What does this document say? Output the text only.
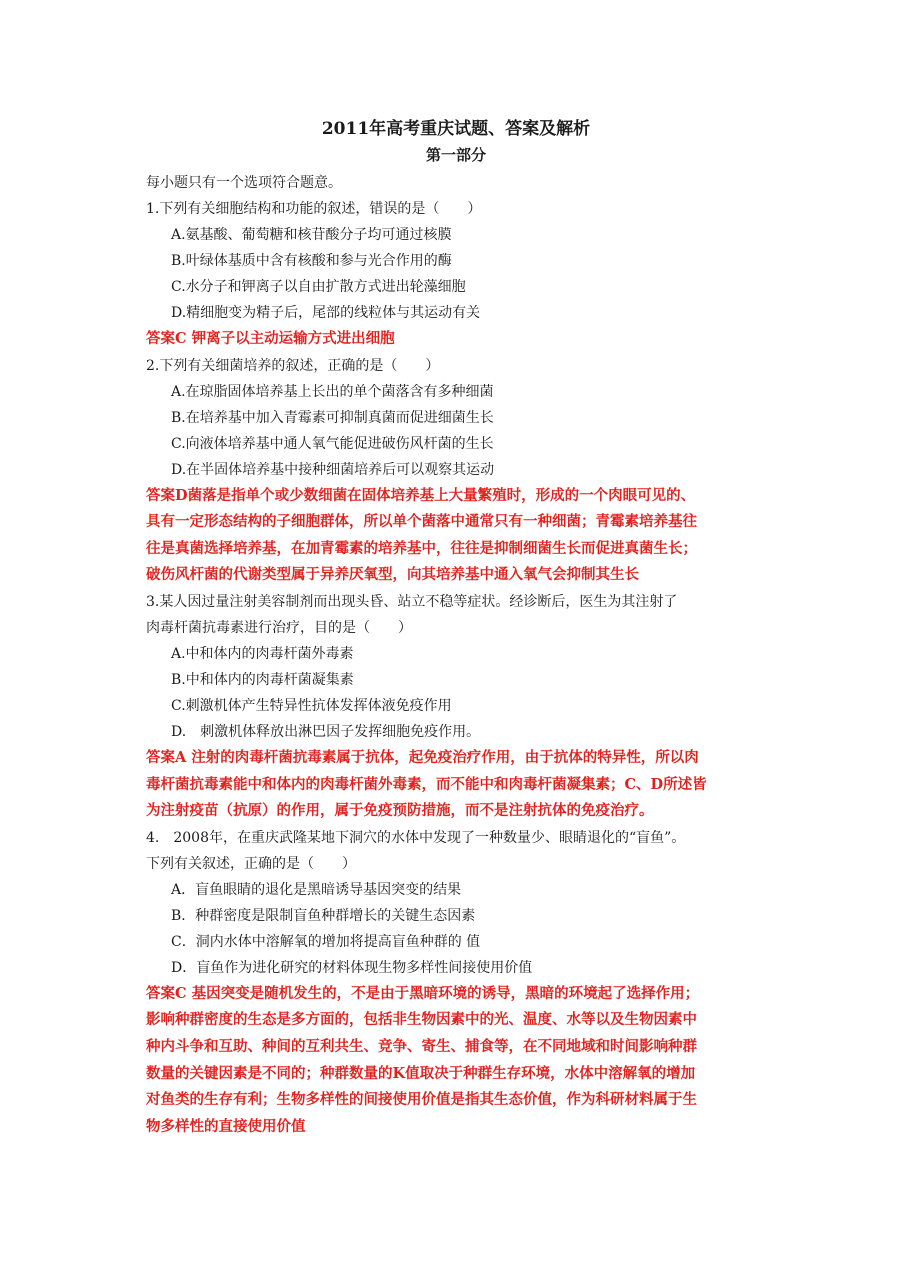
2011年高考重庆试题、答案及解析

第一部分

每小题只有一个选项符合题意。

1.下列有关细胞结构和功能的叙述，错误的是（　　）

A.氨基酸、葡萄糖和核苷酸分子均可通过核膜

B.叶绿体基质中含有核酸和参与光合作用的酶

C.水分子和钾离子以自由扩散方式进出轮藻细胞

D.精细胞变为精子后，尾部的线粒体与其运动有关

答案C 钾离子以主动运输方式进出细胞

2.下列有关细菌培养的叙述，正确的是（　　）

A.在琼脂固体培养基上长出的单个菌落含有多种细菌

B.在培养基中加入青霉素可抑制真菌而促进细菌生长

C.向液体培养基中通人氧气能促进破伤风杆菌的生长

D.在半固体培养基中接种细菌培养后可以观察其运动

答案D菌落是指单个或少数细菌在固体培养基上大量繁殖时，形成的一个肉眼可见的、

具有一定形态结构的子细胞群体，所以单个菌落中通常只有一种细菌；青霉素培养基往

往是真菌选择培养基，在加青霉素的培养基中，往往是抑制细菌生长而促进真菌生长；

破伤风杆菌的代谢类型属于异养厌氧型，向其培养基中通入氧气会抑制其生长

3.某人因过量注射美容制剂而出现头昏、站立不稳等症状。经诊断后，医生为其注射了

肉毒杆菌抗毒素进行治疗，目的是（　　）

A.中和体内的肉毒杆菌外毒素

B.中和体内的肉毒杆菌凝集素

C.刺激机体产生特异性抗体发挥体液免疫作用

D.　刺激机体释放出淋巴因子发挥细胞免疫作用。

答案A 注射的肉毒杆菌抗毒素属于抗体，起免疫治疗作用，由于抗体的特异性，所以肉

毒杆菌抗毒素能中和体内的肉毒杆菌外毒素，而不能中和肉毒杆菌凝集素；C、D所述皆

为注射疫苗（抗原）的作用，属于免疫预防措施，而不是注射抗体的免疫治疗。

4.　2008年，在重庆武隆某地下洞穴的水体中发现了一种数量少、眼睛退化的“盲鱼”。

下列有关叙述，正确的是（　　）

A．盲鱼眼睛的退化是黑暗诱导基因突变的结果

B．种群密度是限制盲鱼种群增长的关键生态因素

C．洞内水体中溶解氧的增加将提高盲鱼种群的 值

D．盲鱼作为进化研究的材料体现生物多样性间接使用价值

答案C 基因突变是随机发生的，不是由于黑暗环境的诱导，黑暗的环境起了选择作用；

影响种群密度的生态是多方面的，包括非生物因素中的光、温度、水等以及生物因素中

种内斗争和互助、种间的互利共生、竞争、寄生、捕食等，在不同地域和时间影响种群

数量的关键因素是不同的；种群数量的K值取决于种群生存环境，水体中溶解氧的增加

对鱼类的生存有利；生物多样性的间接使用价值是指其生态价值，作为科研材料属于生

物多样性的直接使用价值
